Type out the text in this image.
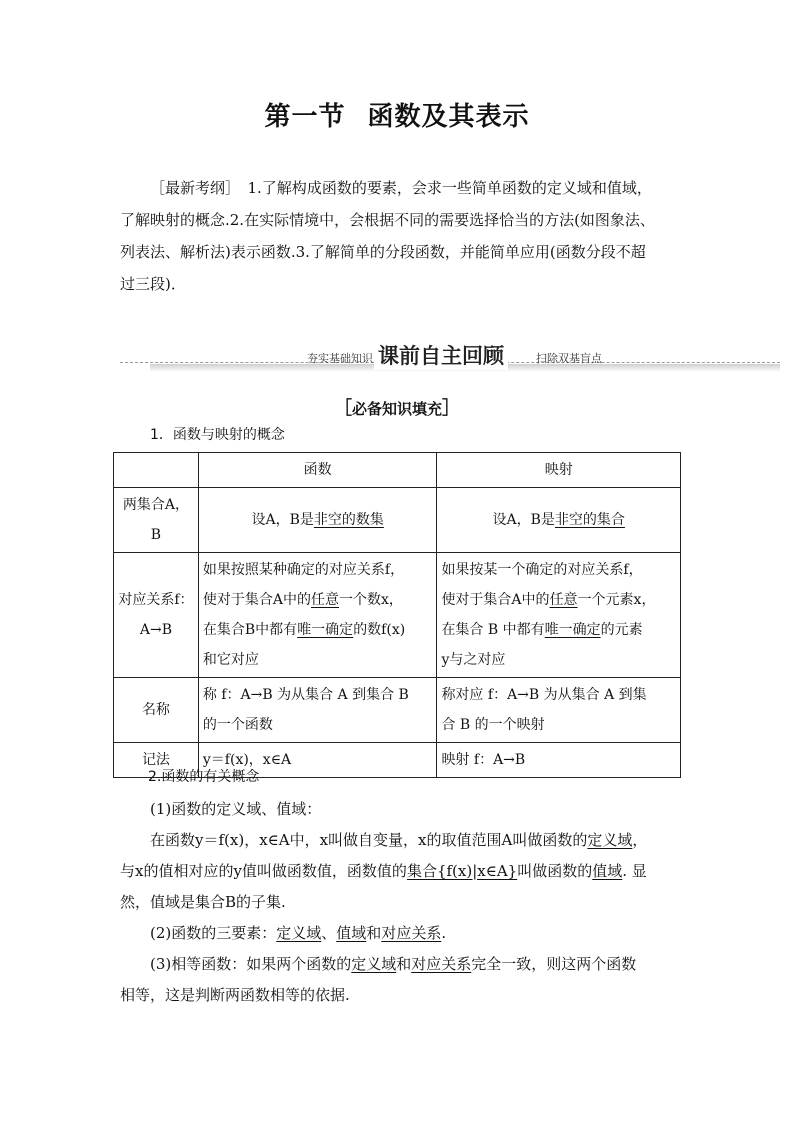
第一节 函数及其表示
［最新考纲］　1.了解构成函数的要素，会求一些简单函数的定义域和值域，
了解映射的概念.2.在实际情境中，会根据不同的需要选择恰当的方法(如图象法、
列表法、解析法)表示函数.3.了解简单的分段函数，并能简单应用(函数分段不超
过三段)．
夯实基础知识 课前自主回顾	扫除双基盲点
［必备知识填充］
1．函数与映射的概念
	函数	映射
两集合A，
B	设A，B是非空的数集	设A，B是非空的集合
对应关系f：
A→B	如果按照某种确定的对应关系f，
使对于集合A中的任意一个数x，
在集合B中都有唯一确定的数f(x)
和它对应	如果按某一个确定的对应关系f，
使对于集合A中的任意一个元素x，
在集合 B 中都有唯一确定的元素
y与之对应
名称	称 f：A→B 为从集合 A 到集合 B
的一个函数	称对应 f：A→B 为从集合 A 到集
合 B 的一个映射
记法	y＝f(x)，x∈A	映射 f：A→B
2.函数的有关概念
(1)函数的定义域、值域：
在函数y＝f(x)，x∈A中，x叫做自变量，x的取值范围A叫做函数的定义域，
与x的值相对应的y值叫做函数值，函数值的集合{f(x)|x∈A}叫做函数的值域. 显
然，值域是集合B的子集.
(2)函数的三要素：定义域、值域和对应关系.
(3)相等函数：如果两个函数的定义域和对应关系完全一致，则这两个函数
相等，这是判断两函数相等的依据.
